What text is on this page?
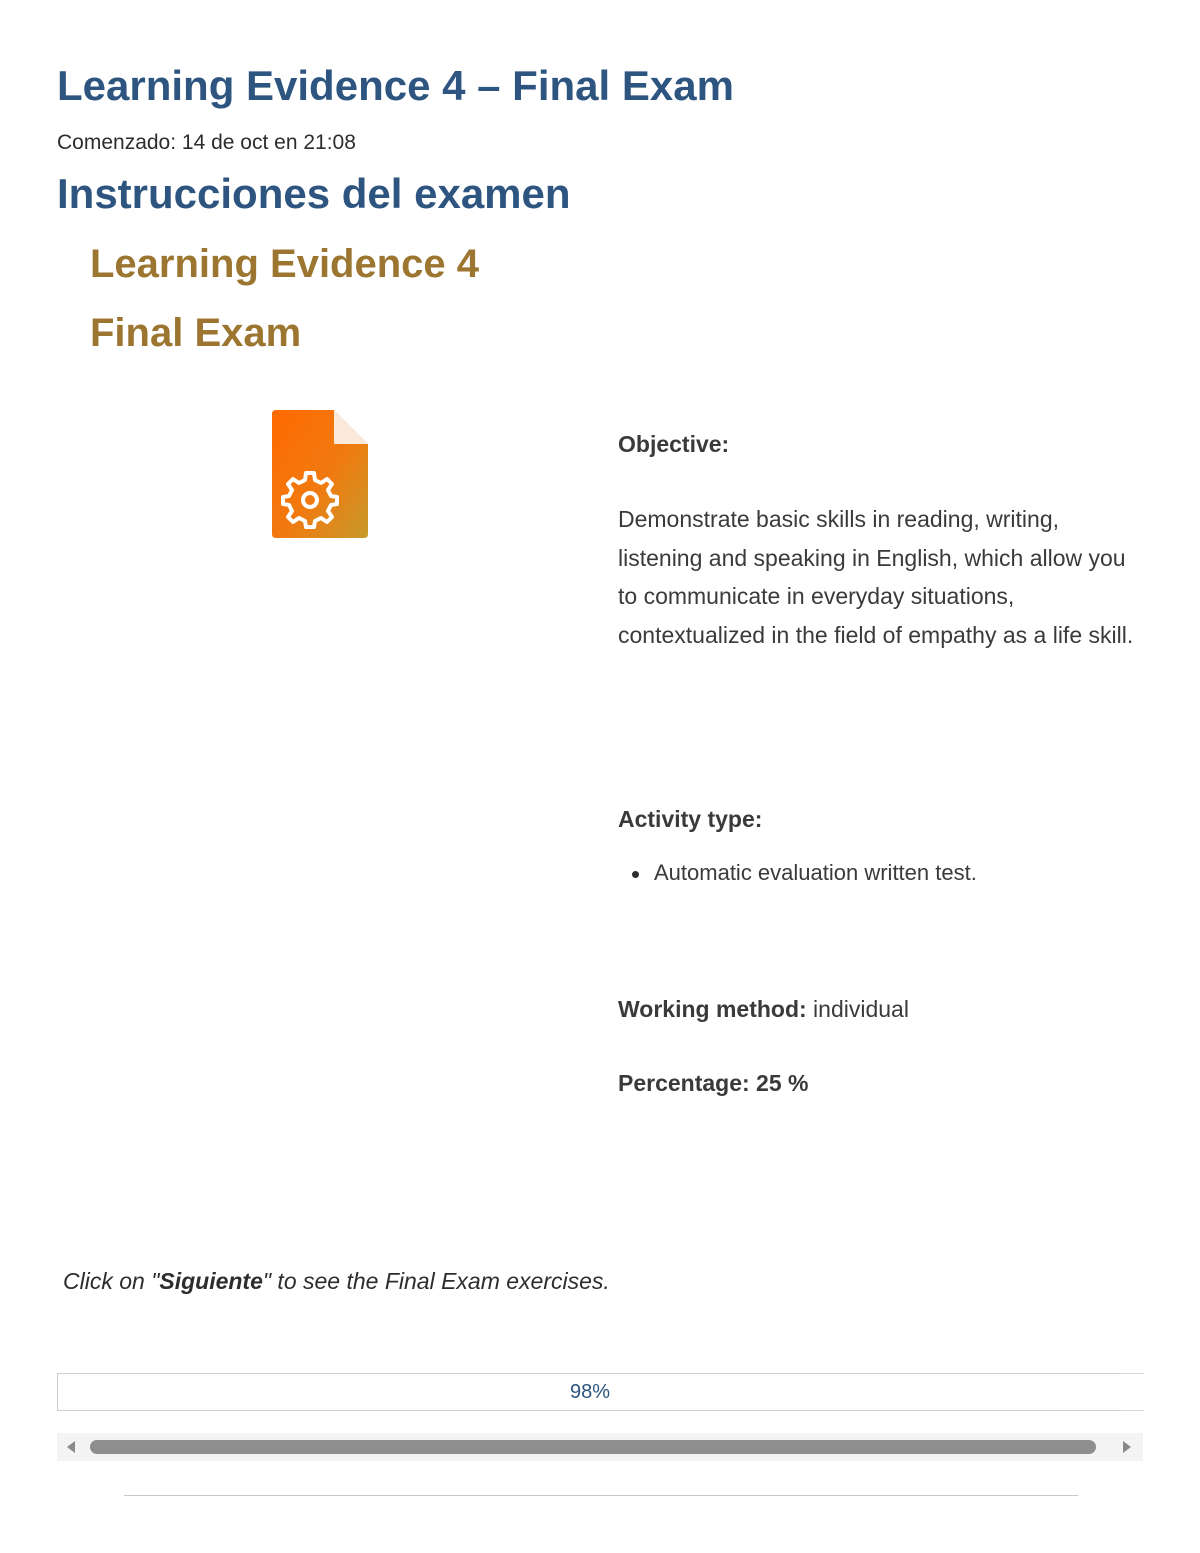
Learning Evidence 4 – Final Exam
Comenzado: 14 de oct en 21:08
Instrucciones del examen
Learning Evidence 4
Final Exam
Objective:
Demonstrate basic skills in reading, writing, listening and speaking in English, which allow you to communicate in everyday situations, contextualized in the field of empathy as a life skill.
Activity type:
Automatic evaluation written test.
Working method: individual
Percentage: 25 %
Click on "Siguiente" to see the Final Exam exercises.
98%
